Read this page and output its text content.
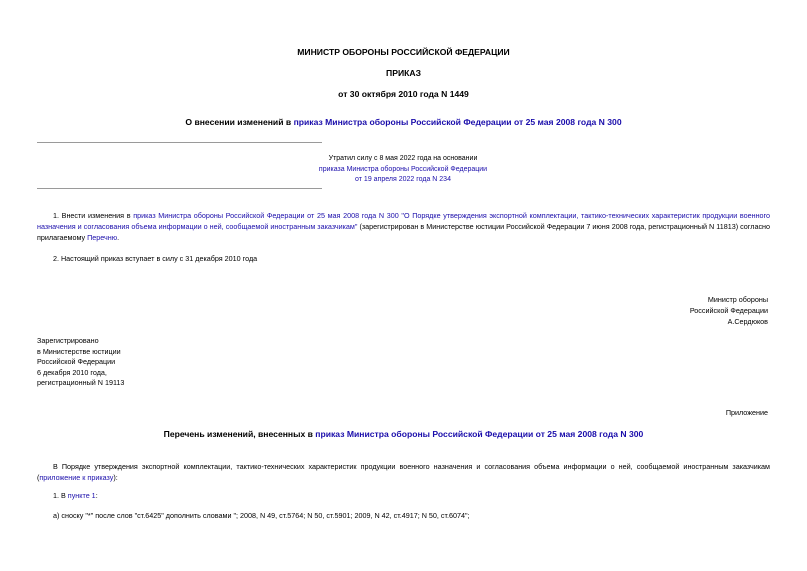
МИНИСТР ОБОРОНЫ РОССИЙСКОЙ ФЕДЕРАЦИИ
ПРИКАЗ
от 30 октября 2010 года N 1449
О внесении изменений в приказ Министра обороны Российской Федерации от 25 мая 2008 года N 300
Утратил силу с 8 мая 2022 года на основании
приказа Министра обороны Российской Федерации
от 19 апреля 2022 года N 234
1. Внести изменения в приказ Министра обороны Российской Федерации от 25 мая 2008 года N 300 "О Порядке утверждения экспортной комплектации, тактико-технических характеристик продукции военного назначения и согласования объема информации о ней, сообщаемой иностранным заказчикам" (зарегистрирован в Министерстве юстиции Российской Федерации 7 июня 2008 года, регистрационный N 11813) согласно прилагаемому Перечню.
2. Настоящий приказ вступает в силу с 31 декабря 2010 года
Министр обороны
Российской Федерации
А.Сердюков
Зарегистрировано
в Министерстве юстиции
Российской Федерации
6 декабря 2010 года,
регистрационный N 19113
Приложение
Перечень изменений, внесенных в приказ Министра обороны Российской Федерации от 25 мая 2008 года N 300
В Порядке утверждения экспортной комплектации, тактико-технических характеристик продукции военного назначения и согласования объема информации о ней, сообщаемой иностранным заказчикам (приложение к приказу):
1. В пункте 1:
а) сноску "*" после слов "ст.6425" дополнить словами "; 2008, N 49, ст.5764; N 50, ст.5901; 2009, N 42, ст.4917; N 50, ст.6074";
